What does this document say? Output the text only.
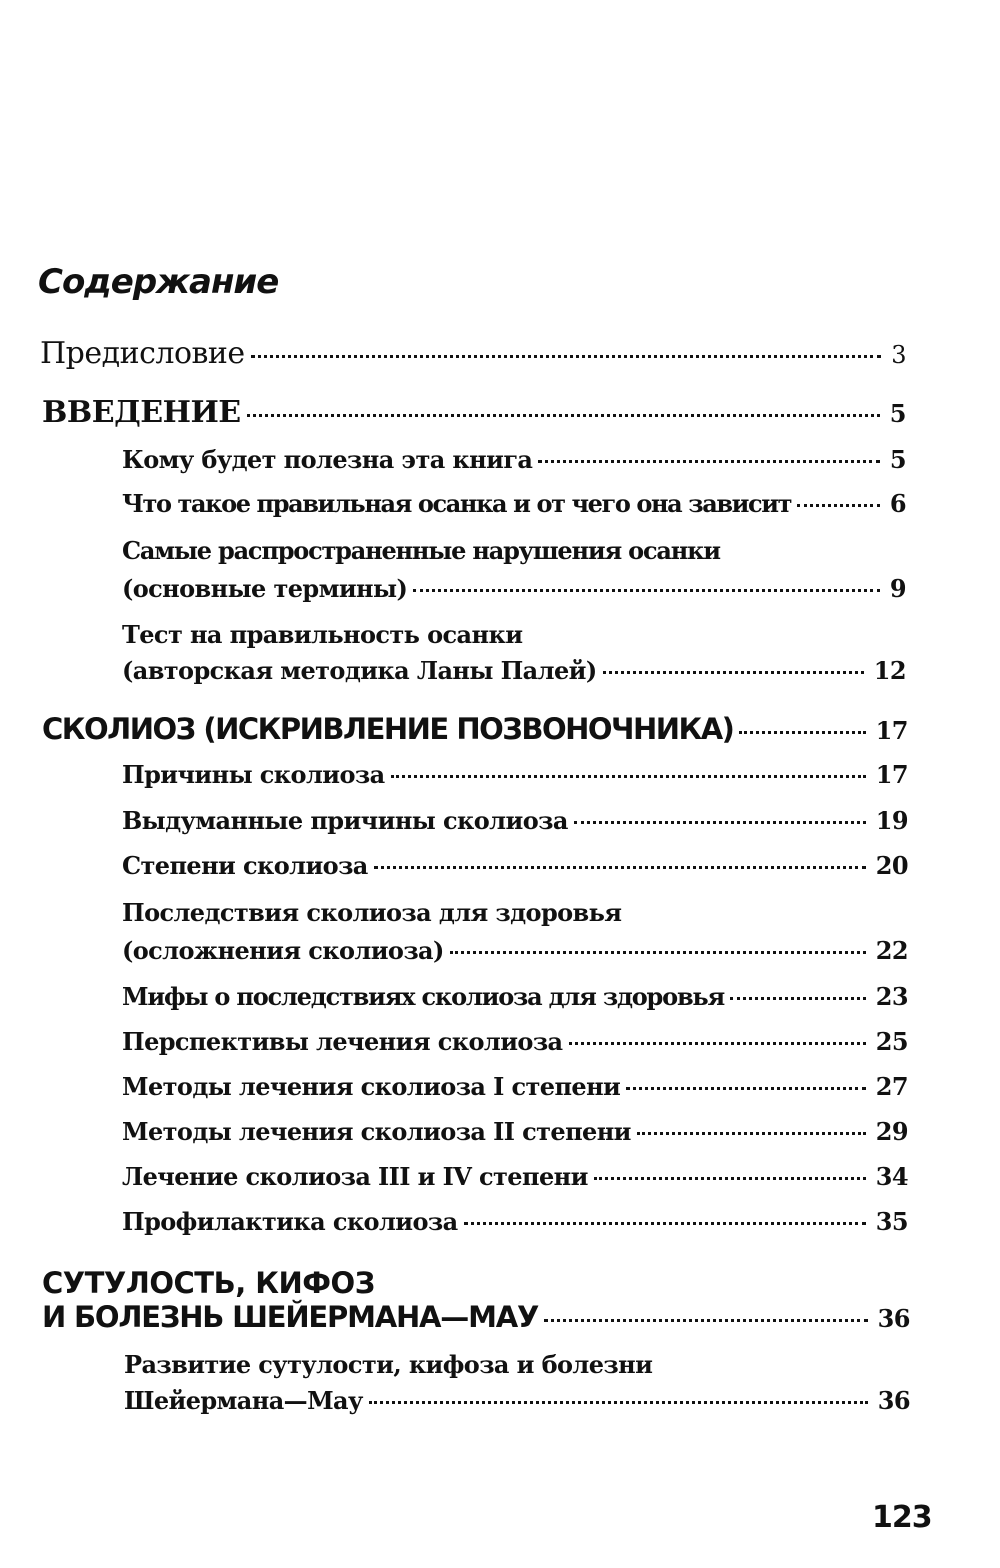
Содержание
Предисловие	3
ВВЕДЕНИЕ	5
Кому будет полезна эта книга	5
Что такое правильная осанка и от чего она зависит	6
Самые распространенные нарушения осанки
(основные термины)	9
Тест на правильность осанки
(авторская методика Ланы Палей)	12
СКОЛИОЗ (ИСКРИВЛЕНИЕ ПОЗВОНОЧНИКА)	17
Причины сколиоза	17
Выдуманные причины сколиоза	19
Степени сколиоза	20
Последствия сколиоза для здоровья
(осложнения сколиоза)	22
Мифы о последствиях сколиоза для здоровья	23
Перспективы лечения сколиоза	25
Методы лечения сколиоза I степени	27
Методы лечения сколиоза II степени	29
Лечение сколиоза III и IV степени	34
Профилактика сколиоза	35
СУТУЛОСТЬ, КИФОЗ
И БОЛЕЗНЬ ШЕЙЕРМАНА—МАУ	36
Развитие сутулости, кифоза и болезни
Шейермана—Мау	36
123
